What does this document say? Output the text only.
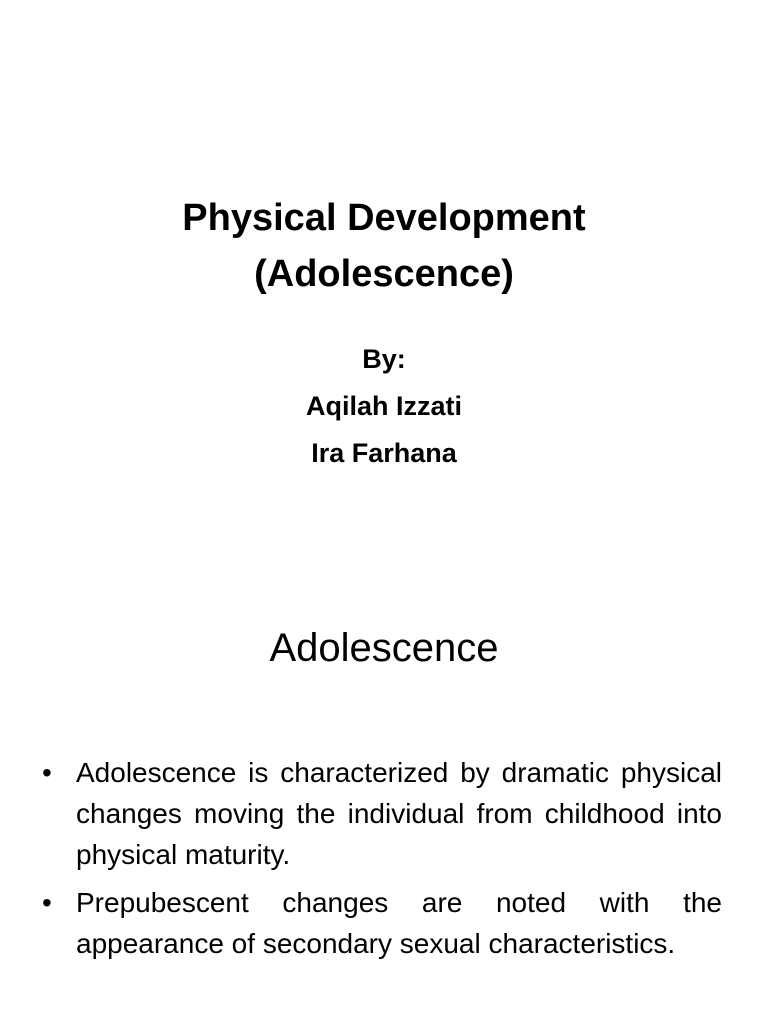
Physical Development
(Adolescence)
By:
Aqilah Izzati
Ira Farhana
Adolescence
• Adolescence is characterized by dramatic physical changes moving the individual from childhood into physical maturity.
• Prepubescent changes are noted with the appearance of secondary sexual characteristics.
